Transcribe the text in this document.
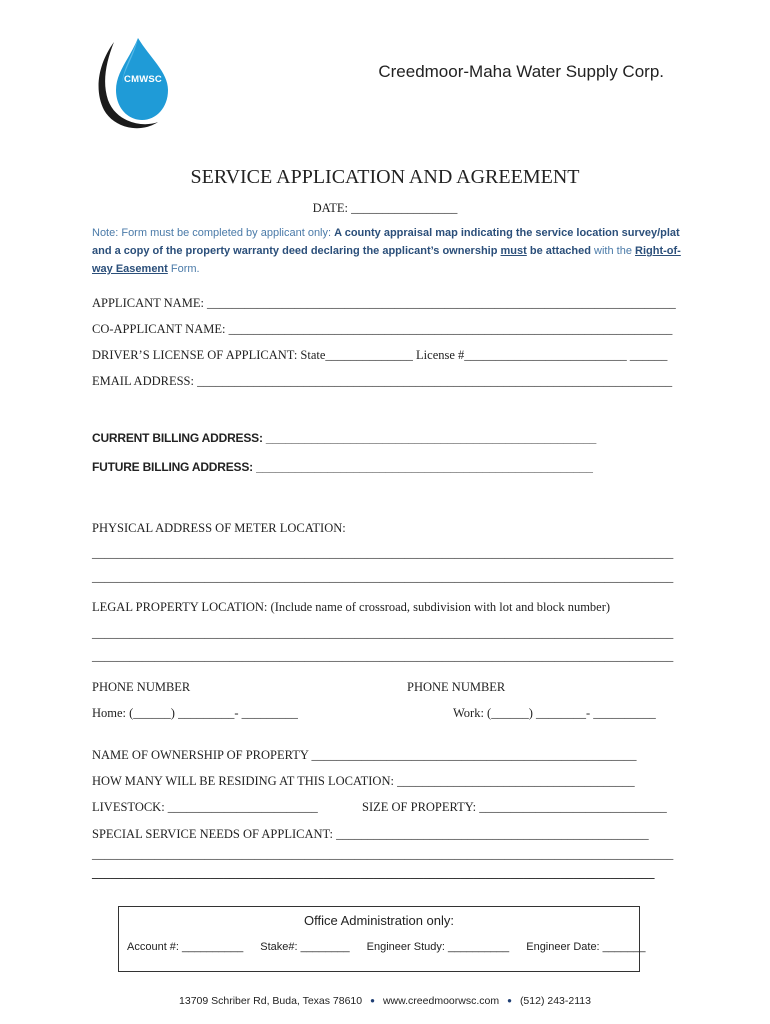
CMWSC	Creedmoor-Maha Water Supply Corp.
SERVICE APPLICATION AND AGREEMENT
DATE: _________________
Note: Form must be completed by applicant only: A county appraisal map indicating the service location survey/plat and a copy of the property warranty deed declaring the applicant’s ownership must be attached with the Right-of-way Easement Form.
APPLICANT NAME: ___________________________________________________________________________
CO-APPLICANT NAME: _______________________________________________________________________
DRIVER’S LICENSE OF APPLICANT: State______________ License #__________________________ ______
EMAIL ADDRESS: ____________________________________________________________________________
CURRENT BILLING ADDRESS: ___________________________________________________
FUTURE BILLING ADDRESS: ____________________________________________________
PHYSICAL ADDRESS OF METER LOCATION:
_____________________________________________________________________________________________
_____________________________________________________________________________________________
LEGAL PROPERTY LOCATION: (Include name of crossroad, subdivision with lot and block number)
_____________________________________________________________________________________________
_____________________________________________________________________________________________
PHONE NUMBER	PHONE NUMBER
Home: (______) _________- _________	Work: (______) ________- __________
NAME OF OWNERSHIP OF PROPERTY ____________________________________________________
HOW MANY WILL BE RESIDING AT THIS LOCATION: ______________________________________
LIVESTOCK: ________________________	SIZE OF PROPERTY: ______________________________
SPECIAL SERVICE NEEDS OF APPLICANT: __________________________________________________
_____________________________________________________________________________________________
__________________________________________________________________________________________
Office Administration only:
Account #: __________ Stake#: ________ Engineer Study: __________ Engineer Date: _______
13709 Schriber Rd, Buda, Texas 78610 ● www.creedmoorwsc.com ● (512) 243-2113
